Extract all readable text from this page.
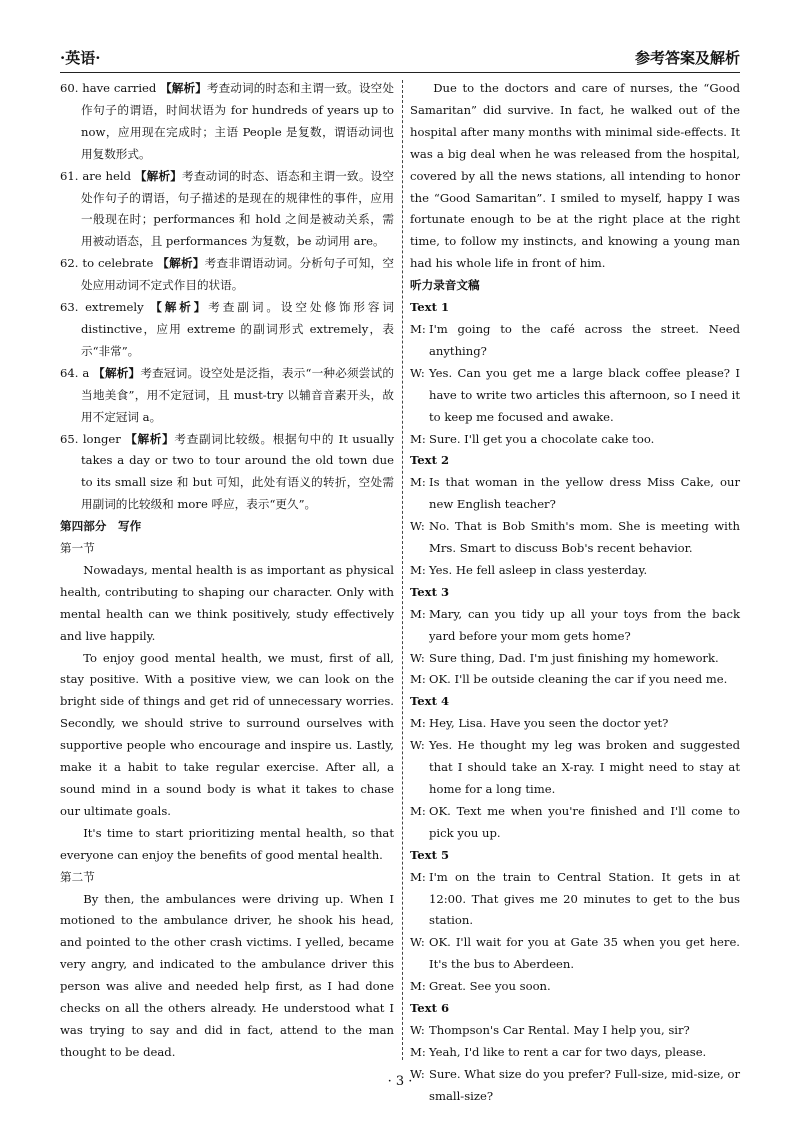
·英语·	参考答案及解析

60. have carried 【解析】考查动词的时态和主谓一致。设空处作句子的谓语，时间状语为 for hundreds of years up to now，应用现在完成时；主语 People 是复数，谓语动词也用复数形式。

61. are held 【解析】考查动词的时态、语态和主谓一致。设空处作句子的谓语，句子描述的是现在的规律性的事件，应用一般现在时；performances 和 hold 之间是被动关系，需用被动语态，且 performances 为复数，be 动词用 are。

62. to celebrate 【解析】考查非谓语动词。分析句子可知，空处应用动词不定式作目的状语。

63. extremely 【解析】考查副词。设空处修饰形容词 distinctive，应用 extreme 的副词形式 extremely，表示“非常”。

64. a 【解析】考查冠词。设空处是泛指，表示“一种必须尝试的当地美食”，用不定冠词，且 must-try 以辅音音素开头，故用不定冠词 a。

65. longer 【解析】考查副词比较级。根据句中的 It usually takes a day or two to tour around the old town due to its small size 和 but 可知，此处有语义的转折，空处需用副词的比较级和 more 呼应，表示“更久”。

第四部分　写作

第一节

Nowadays, mental health is as important as physical health, contributing to shaping our character. Only with mental health can we think positively, study effectively and live happily.

To enjoy good mental health, we must, first of all, stay positive. With a positive view, we can look on the bright side of things and get rid of unnecessary worries. Secondly, we should strive to surround ourselves with supportive people who encourage and inspire us. Lastly, make it a habit to take regular exercise. After all, a sound mind in a sound body is what it takes to chase our ultimate goals.

It's time to start prioritizing mental health, so that everyone can enjoy the benefits of good mental health.

第二节

By then, the ambulances were driving up. When I motioned to the ambulance driver, he shook his head, and pointed to the other crash victims. I yelled, became very angry, and indicated to the ambulance driver this person was alive and needed help first, as I had done checks on all the others already. He understood what I was trying to say and did in fact, attend to the man thought to be dead.

Due to the doctors and care of nurses, the “Good Samaritan” did survive. In fact, he walked out of the hospital after many months with minimal side-effects. It was a big deal when he was released from the hospital, covered by all the news stations, all intending to honor the “Good Samaritan”. I smiled to myself, happy I was fortunate enough to be at the right place at the right time, to follow my instincts, and knowing a young man had his whole life in front of him.

听力录音文稿

Text 1

M: I'm going to the café across the street. Need anything?
W: Yes. Can you get me a large black coffee please? I have to write two articles this afternoon, so I need it to keep me focused and awake.
M: Sure. I'll get you a chocolate cake too.

Text 2

M: Is that woman in the yellow dress Miss Cake, our new English teacher?
W: No. That is Bob Smith's mom. She is meeting with Mrs. Smart to discuss Bob's recent behavior.
M: Yes. He fell asleep in class yesterday.

Text 3

M: Mary, can you tidy up all your toys from the back yard before your mom gets home?
W: Sure thing, Dad. I'm just finishing my homework.
M: OK. I'll be outside cleaning the car if you need me.

Text 4

M: Hey, Lisa. Have you seen the doctor yet?
W: Yes. He thought my leg was broken and suggested that I should take an X-ray. I might need to stay at home for a long time.
M: OK. Text me when you're finished and I'll come to pick you up.

Text 5

M: I'm on the train to Central Station. It gets in at 12:00. That gives me 20 minutes to get to the bus station.
W: OK. I'll wait for you at Gate 35 when you get here. It's the bus to Aberdeen.
M: Great. See you soon.

Text 6

W: Thompson's Car Rental. May I help you, sir?
M: Yeah, I'd like to rent a car for two days, please.
W: Sure. What size do you prefer? Full-size, mid-size, or small-size?
· 3 ·
